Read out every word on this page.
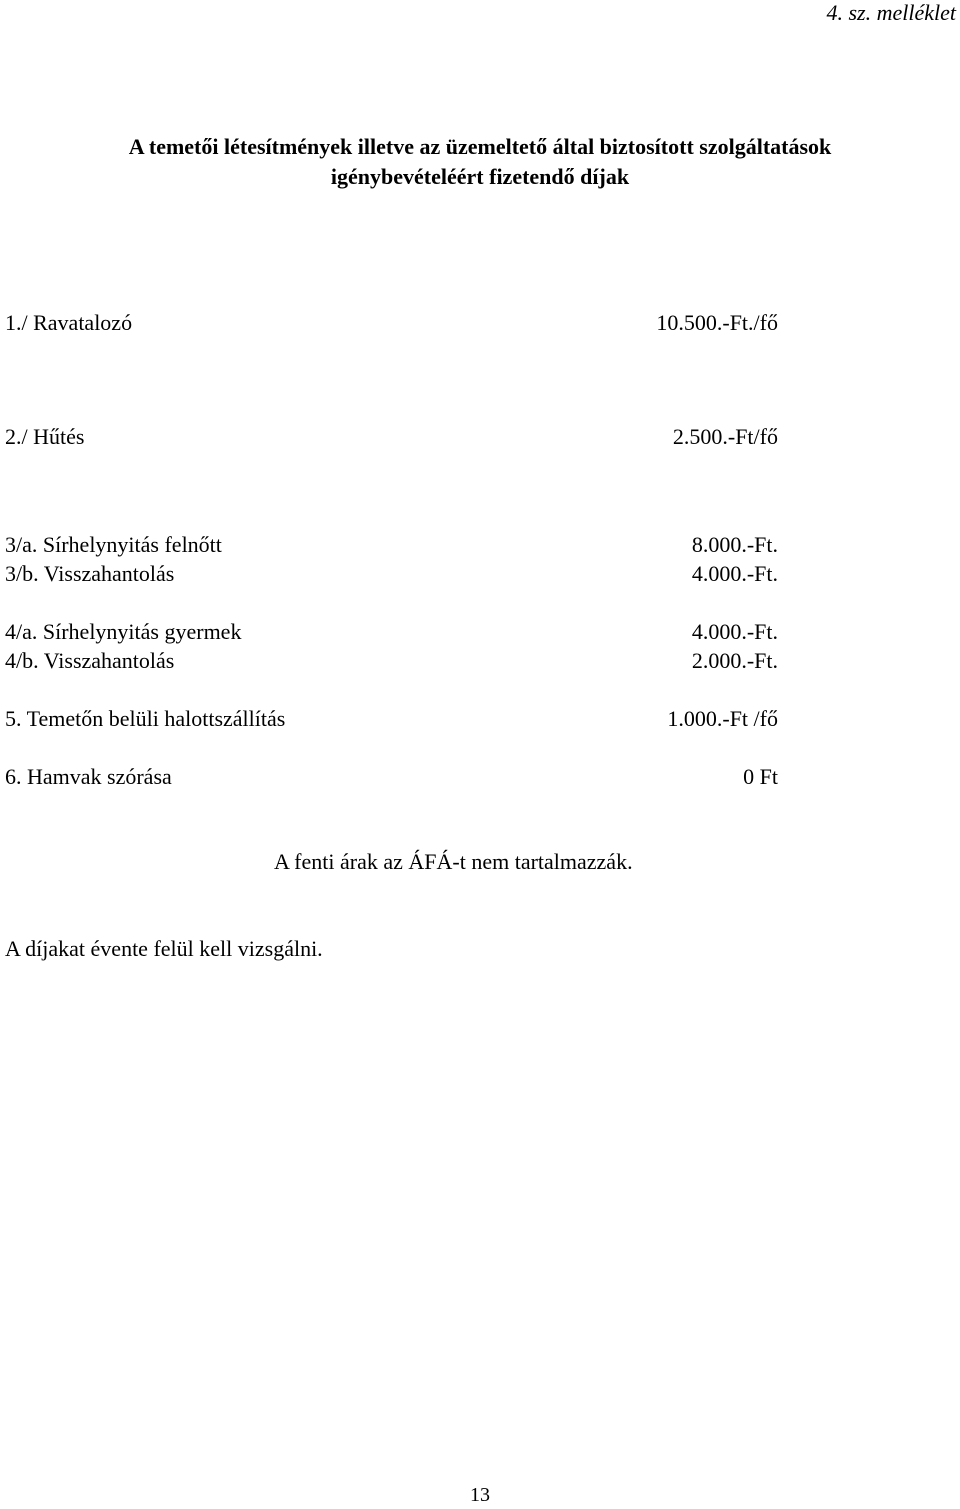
4. sz. melléklet
A temetői létesítmények illetve az üzemeltető által biztosított szolgáltatások
igénybevételéért fizetendő díjak
1./ Ravatalozó	10.500.-Ft./fő
2./ Hűtés	2.500.-Ft/fő
3/a. Sírhelynyitás felnőtt	8.000.-Ft.
3/b. Visszahantolás	4.000.-Ft.
4/a. Sírhelynyitás gyermek	4.000.-Ft.
4/b. Visszahantolás	2.000.-Ft.
5. Temetőn belüli halottszállítás	1.000.-Ft /fő
6. Hamvak szórása	0 Ft
A fenti árak az ÁFÁ-t nem tartalmazzák.
A díjakat évente felül kell vizsgálni.
13
